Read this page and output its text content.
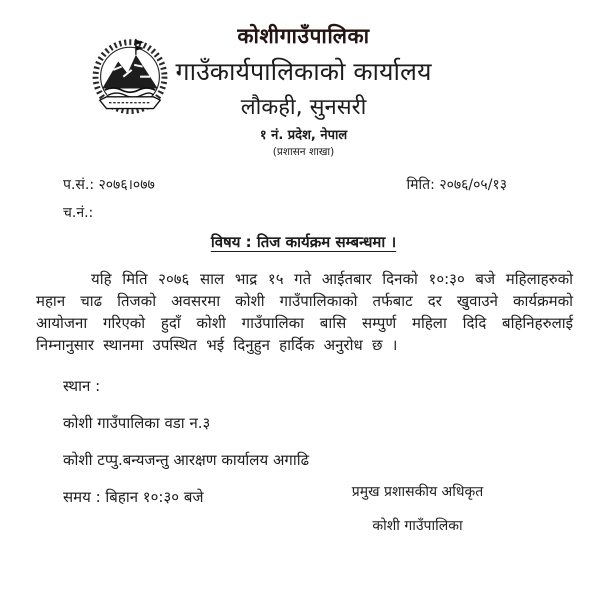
कोशीगाउँपालिका
गाउँकार्यपालिकाको कार्यालय
लौकही, सुनसरी
१ नं. प्रदेश, नेपाल
(प्रशासन शाखा)
प.सं.: २०७६।०७७	मिति: २०७६/०५/१३
च.नं.:
विषय : तिज कार्यक्रम सम्बन्धमा ।

यहि मिति २०७६ साल भाद्र १५ गते आईतबार दिनको १०:३० बजे महिलाहरुको महान चाढ तिजको अवसरमा कोशी गाउँपालिकाको तर्फबाट दर खुवाउने कार्यक्रमको आयोजना गरिएको हुदाँ कोशी गाउँपालिका बासि सम्पुर्ण महिला दिदि बहिनिहरुलाई निम्नानुसार स्थानमा उपस्थित भई दिनुहुन हार्दिक अनुरोध छ ।

स्थान :
कोशी गाउँपालिका वडा न.३
कोशी टप्पु.बन्यजन्तु आरक्षण कार्यालय अगाढि
समय : बिहान १०:३० बजे	प्रमुख प्रशासकीय अधिकृत
कोशी गाउँपालिका
